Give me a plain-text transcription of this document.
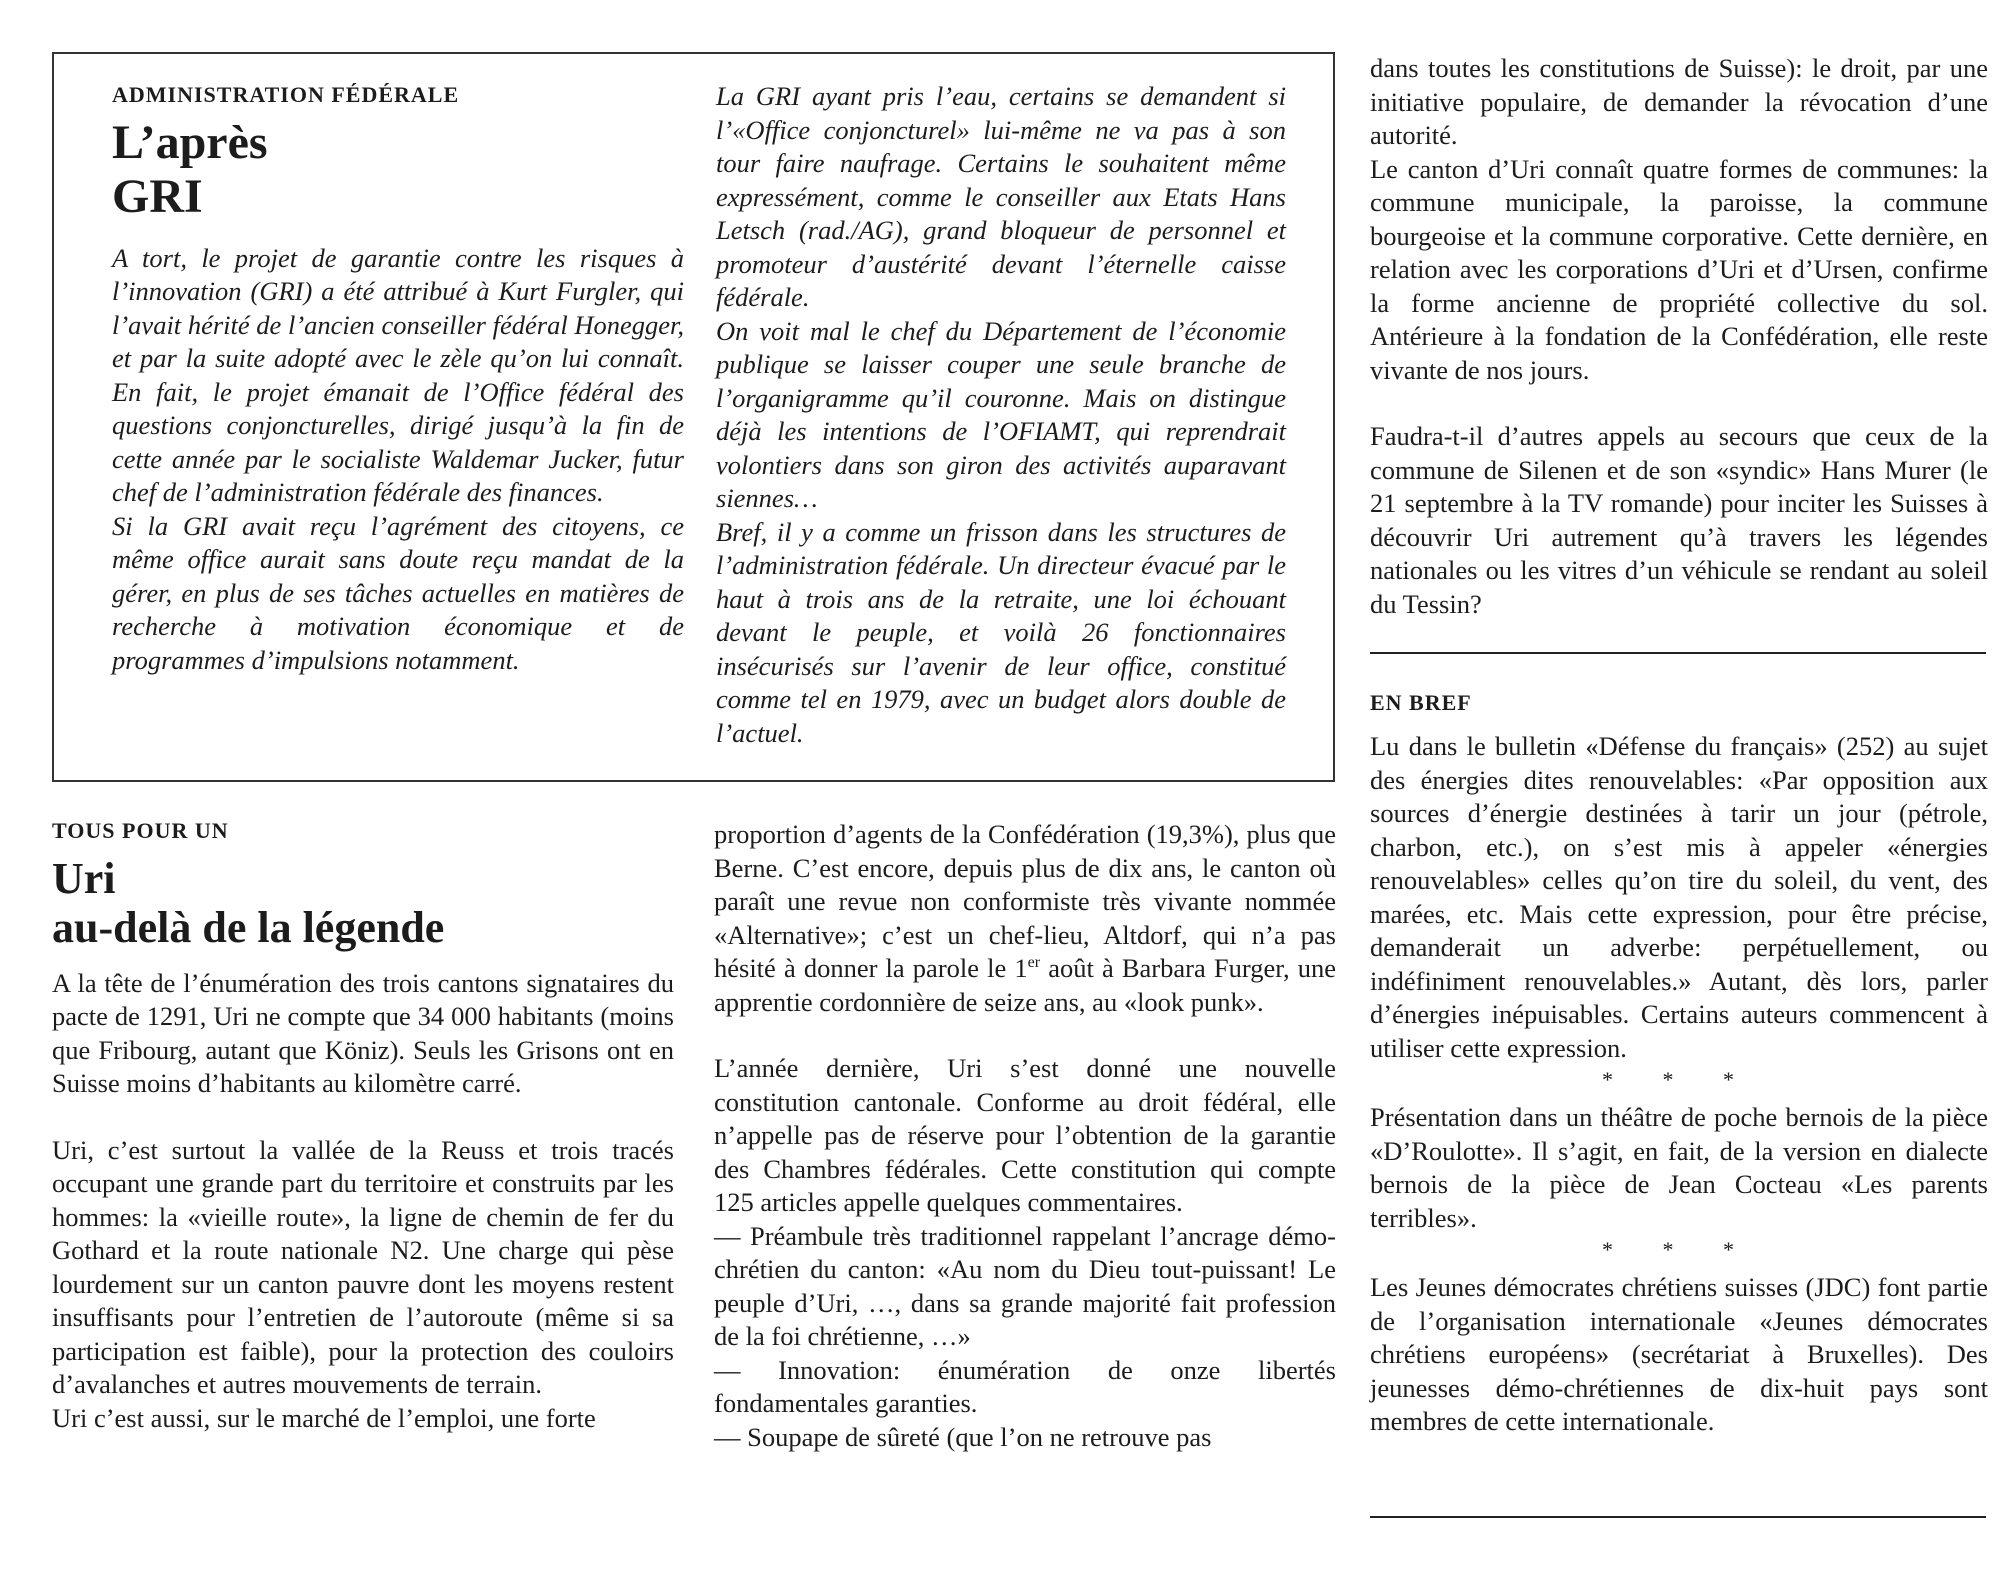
ADMINISTRATION FÉDÉRALE

L’après
GRI

A tort, le projet de garantie contre les risques à l’innovation (GRI) a été attribué à Kurt Furgler, qui l’avait hérité de l’ancien conseiller fédéral Honegger, et par la suite adopté avec le zèle qu’on lui connaît. En fait, le projet émanait de l’Office fédéral des questions conjoncturelles, dirigé jusqu’à la fin de cette année par le socialiste Waldemar Jucker, futur chef de l’administration fédérale des finances.

Si la GRI avait reçu l’agrément des citoyens, ce même office aurait sans doute reçu mandat de la gérer, en plus de ses tâches actuelles en matières de recherche à motivation économique et de programmes d’impulsions notamment.

La GRI ayant pris l’eau, certains se demandent si l’«Office conjoncturel» lui-même ne va pas à son tour faire naufrage. Certains le souhaitent même expressément, comme le conseiller aux Etats Hans Letsch (rad./AG), grand bloqueur de personnel et promoteur d’austérité devant l’éternelle caisse fédérale.

On voit mal le chef du Département de l’économie publique se laisser couper une seule branche de l’organigramme qu’il couronne. Mais on distingue déjà les intentions de l’OFIAMT, qui reprendrait volontiers dans son giron des activités auparavant siennes…

Bref, il y a comme un frisson dans les structures de l’administration fédérale. Un directeur évacué par le haut à trois ans de la retraite, une loi échouant devant le peuple, et voilà 26 fonctionnaires insécurisés sur l’avenir de leur office, constitué comme tel en 1979, avec un budget alors double de l’actuel.

TOUS POUR UN

Uri
au-delà de la légende

A la tête de l’énumération des trois cantons signataires du pacte de 1291, Uri ne compte que 34 000 habitants (moins que Fribourg, autant que Köniz). Seuls les Grisons ont en Suisse moins d’habitants au kilomètre carré.

Uri, c’est surtout la vallée de la Reuss et trois tracés occupant une grande part du territoire et construits par les hommes: la «vieille route», la ligne de chemin de fer du Gothard et la route nationale N2. Une charge qui pèse lourdement sur un canton pauvre dont les moyens restent insuffisants pour l’entretien de l’autoroute (même si sa participation est faible), pour la protection des couloirs d’avalanches et autres mouvements de terrain.

Uri c’est aussi, sur le marché de l’emploi, une forte

proportion d’agents de la Confédération (19,3%), plus que Berne. C’est encore, depuis plus de dix ans, le canton où paraît une revue non conformiste très vivante nommée «Alternative»; c’est un chef-lieu, Altdorf, qui n’a pas hésité à donner la parole le 1er août à Barbara Furger, une apprentie cordonnière de seize ans, au «look punk».

L’année dernière, Uri s’est donné une nouvelle constitution cantonale. Conforme au droit fédéral, elle n’appelle pas de réserve pour l’obtention de la garantie des Chambres fédérales. Cette constitution qui compte 125 articles appelle quelques commentaires.

— Préambule très traditionnel rappelant l’ancrage démo-chrétien du canton: «Au nom du Dieu tout-puissant! Le peuple d’Uri, …, dans sa grande majorité fait profession de la foi chrétienne, …»

— Innovation: énumération de onze libertés fondamentales garanties.

— Soupape de sûreté (que l’on ne retrouve pas

dans toutes les constitutions de Suisse): le droit, par une initiative populaire, de demander la révocation d’une autorité.

Le canton d’Uri connaît quatre formes de communes: la commune municipale, la paroisse, la commune bourgeoise et la commune corporative. Cette dernière, en relation avec les corporations d’Uri et d’Ursen, confirme la forme ancienne de propriété collective du sol. Antérieure à la fondation de la Confédération, elle reste vivante de nos jours.

Faudra-t-il d’autres appels au secours que ceux de la commune de Silenen et de son «syndic» Hans Murer (le 21 septembre à la TV romande) pour inciter les Suisses à découvrir Uri autrement qu’à travers les légendes nationales ou les vitres d’un véhicule se rendant au soleil du Tessin?

EN BREF

Lu dans le bulletin «Défense du français» (252) au sujet des énergies dites renouvelables: «Par opposition aux sources d’énergie destinées à tarir un jour (pétrole, charbon, etc.), on s’est mis à appeler «énergies renouvelables» celles qu’on tire du soleil, du vent, des marées, etc. Mais cette expression, pour être précise, demanderait un adverbe: perpétuellement, ou indéfiniment renouvelables.» Autant, dès lors, parler d’énergies inépuisables. Certains auteurs commencent à utiliser cette expression.

* * *

Présentation dans un théâtre de poche bernois de la pièce «D’Roulotte». Il s’agit, en fait, de la version en dialecte bernois de la pièce de Jean Cocteau «Les parents terribles».

* * *

Les Jeunes démocrates chrétiens suisses (JDC) font partie de l’organisation internationale «Jeunes démocrates chrétiens européens» (secrétariat à Bruxelles). Des jeunesses démo-chrétiennes de dix-huit pays sont membres de cette internationale.
